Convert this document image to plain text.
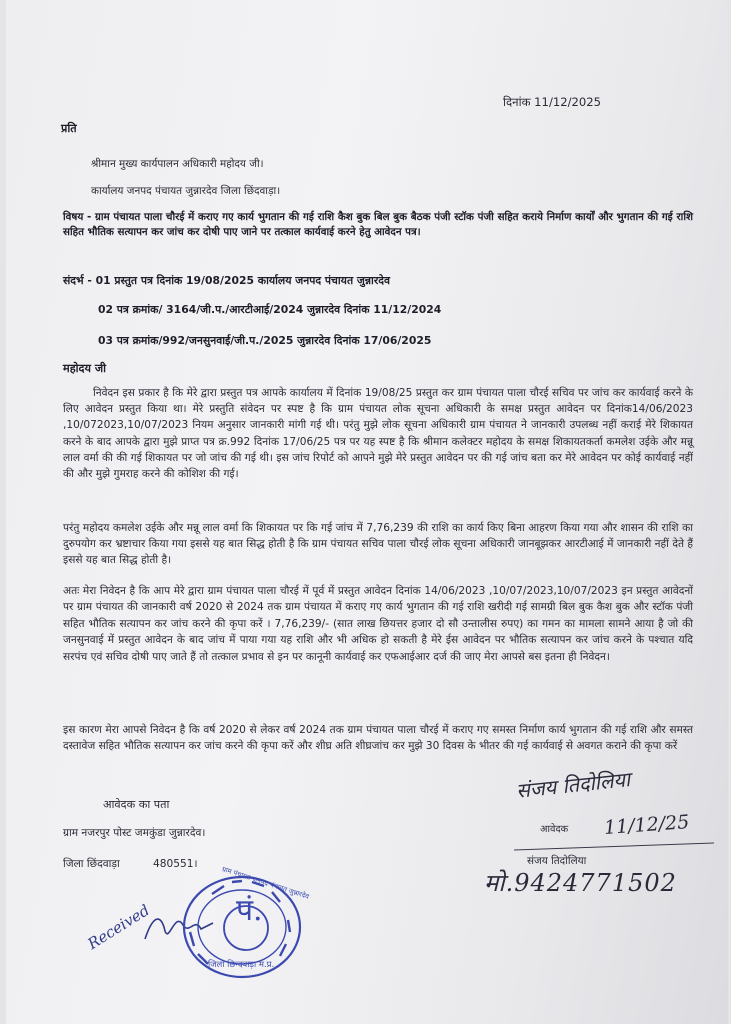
दिनांक 11/12/2025
प्रति
श्रीमान मुख्य कार्यपालन अधिकारी महोदय जी।
कार्यालय जनपद पंचायत जुन्नारदेव जिला छिंदवाड़ा।
विषय - ग्राम पंचायत पाला चौरई में कराए गए कार्य भुगतान की गई राशि कैश बुक बिल बुक बैठक पंजी स्टॉक पंजी सहित कराये निर्माण कार्यों और भुगतान की गई राशि सहित भौतिक सत्यापन कर जांच कर दोषी पाए जाने पर तत्काल कार्यवाई करने हेतु आवेदन पत्र।
संदर्भ - 01 प्रस्तुत पत्र दिनांक 19/08/2025 कार्यालय जनपद पंचायत जुन्नारदेव
02 पत्र क्रमांक/ 3164/जी.प./आरटीआई/2024 जुन्नारदेव दिनांक 11/12/2024
03 पत्र क्रमांक/992/जनसुनवाई/जी.प./2025 जुन्नारदेव दिनांक 17/06/2025
महोदय जी
निवेदन इस प्रकार है कि मेरे द्वारा प्रस्तुत पत्र आपके कार्यालय में दिनांक 19/08/25 प्रस्तुत कर ग्राम पंचायत पाला चौरई सचिव पर जांच कर कार्यवाई करने के लिए आवेदन प्रस्तुत किया था। मेरे प्रस्तुति संवेदन पर स्पष्ट है कि ग्राम पंचायत लोक सूचना अधिकारी के समक्ष प्रस्तुत आवेदन पर दिनांक14/06/2023 ,10/072023,10/07/2023 नियम अनुसार जानकारी मांगी गई थी। परंतु मुझे लोक सूचना अधिकारी ग्राम पंचायत ने जानकारी उपलब्ध नहीं कराई मेरे शिकायत करने के बाद आपके द्वारा मुझे प्राप्त पत्र क्र.992 दिनांक 17/06/25 पत्र पर यह स्पष्ट है कि श्रीमान कलेक्टर महोदय के समक्ष शिकायतकर्ता कमलेश उईके और मन्नू लाल वर्मा की की गई शिकायत पर जो जांच की गई थी। इस जांच रिपोर्ट को आपने मुझे मेरे प्रस्तुत आवेदन पर की गई जांच बता कर मेरे आवेदन पर कोई कार्यवाई नहीं की और मुझे गुमराह करने की कोशिश की गई।
परंतु महोदय कमलेश उईके और मन्नू लाल वर्मा कि शिकायत पर कि गई जांच में 7,76,239 की राशि का कार्य किए बिना आहरण किया गया और शासन की राशि का दुरुपयोग कर भ्रष्टाचार किया गया इससे यह बात सिद्ध होती है कि ग्राम पंचायत सचिव पाला चौरई लोक सूचना अधिकारी जानबूझकर आरटीआई में जानकारी नहीं देते हैं इससे यह बात सिद्ध होती है।
अतः मेरा निवेदन है कि आप मेरे द्वारा ग्राम पंचायत पाला चौरई में पूर्व में प्रस्तुत आवेदन दिनांक 14/06/2023 ,10/07/2023,10/07/2023 इन प्रस्तुत आवेदनों पर ग्राम पंचायत की जानकारी वर्ष 2020 से 2024 तक ग्राम पंचायत में कराए गए कार्य भुगतान की गई राशि खरीदी गई सामग्री बिल बुक कैश बुक और स्टॉक पंजी सहित भौतिक सत्यापन कर जांच करने की कृपा करें । 7,76,239/- (सात लाख छियत्तर हजार दो सौ उन्तालीस रुपए) का गमन का मामला सामने आया है जो की जनसुनवाई में प्रस्तुत आवेदन के बाद जांच में पाया गया यह राशि और भी अधिक हो सकती है मेरे ईस आवेदन पर भौतिक सत्यापन कर जांच करने के पश्चात यदि सरपंच एवं सचिव दोषी पाए जाते हैं तो तत्काल प्रभाव से इन पर कानूनी कार्यवाई कर एफआईआर दर्ज की जाए मेरा आपसे बस इतना ही निवेदन।
इस कारण मेरा आपसे निवेदन है कि वर्ष 2020 से लेकर वर्ष 2024 तक ग्राम पंचायत पाला चौरई में कराए गए समस्त निर्माण कार्य भुगतान की गई राशि और समस्त दस्तावेज सहित भौतिक सत्यापन कर जांच करने की कृपा करें और शीघ्र अति शीघ्रजांच कर मुझे 30 दिवस के भीतर की गई कार्यवाई से अवगत कराने की कृपा करें
आवेदक का पता
ग्राम नजरपुर पोस्ट जमकुंडा जुन्नारदेव।
जिला छिंदवाड़ा	480551।
संजय तिदोलिया
आवेदक 11/12/25
संजय तिदोलिया
मो.9424771502
Received	पं.
जिला छिन्दवाड़ा म.प्र.
ग्राम पंचायत जनपद पंचायत जुन्नारदेव
